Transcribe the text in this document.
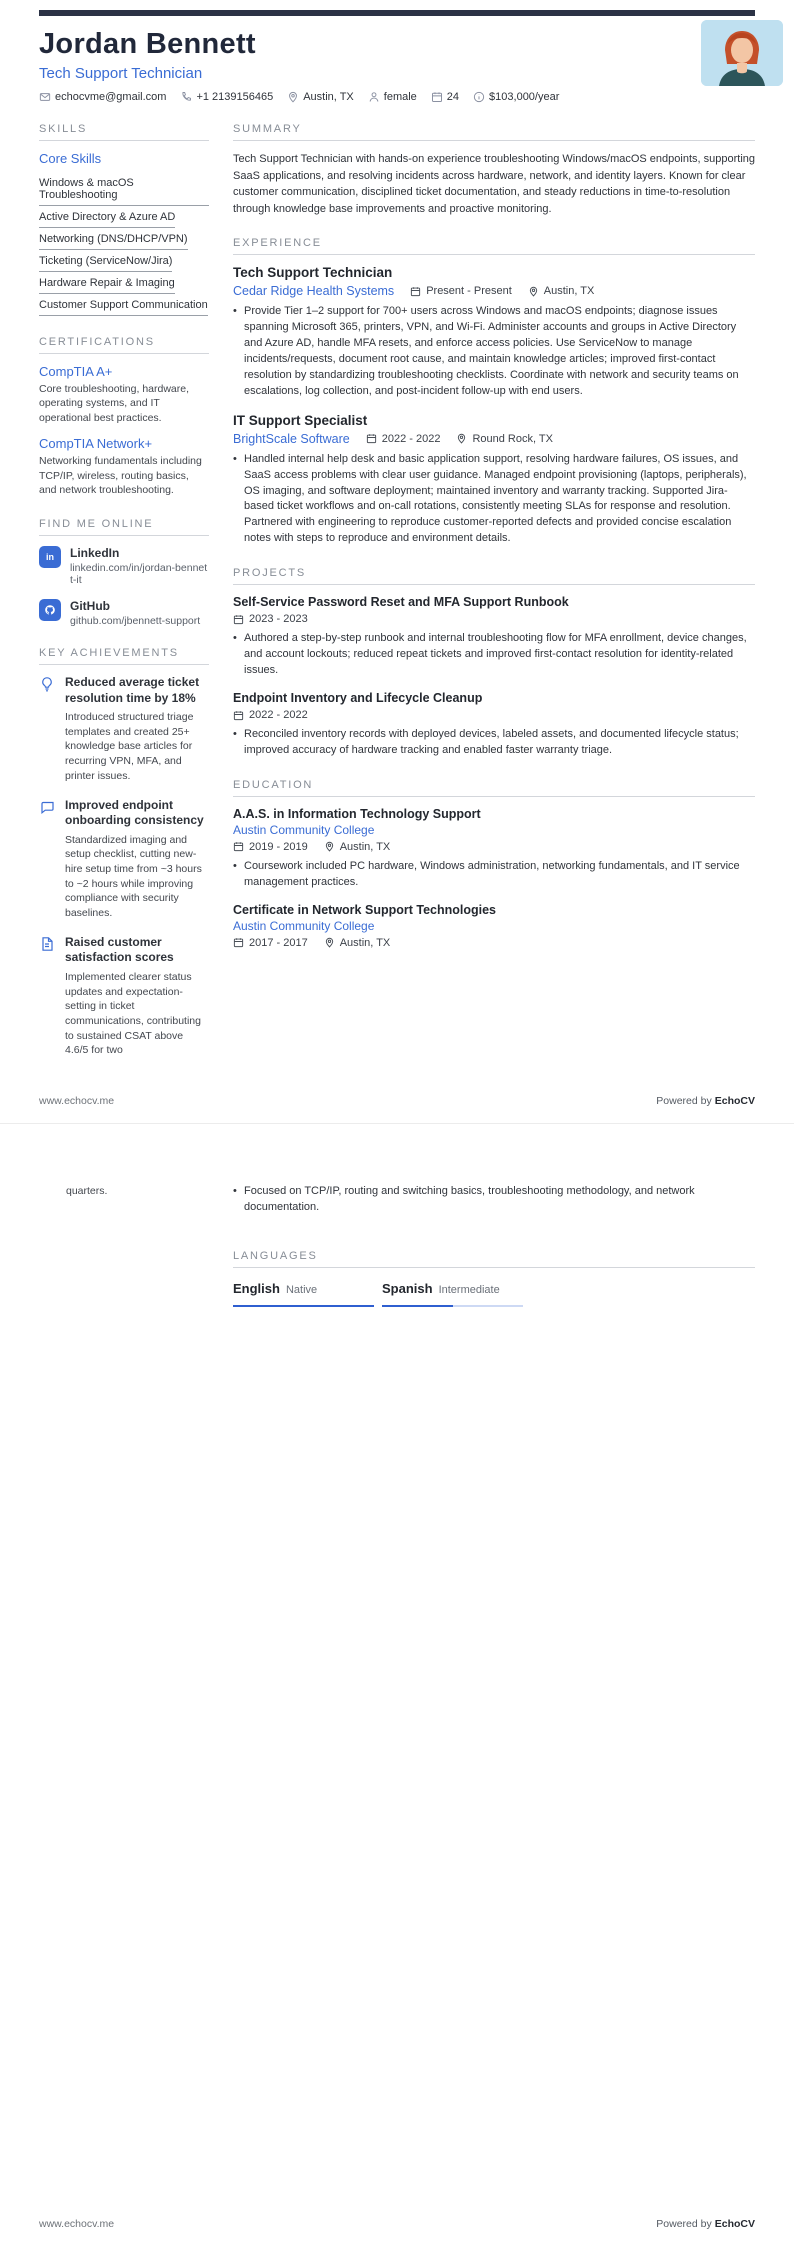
Jordan Bennett
Tech Support Technician
echocvme@gmail.com	+1 2139156465	Austin, TX	female	24	$103,000/year
SKILLS
Core Skills
Windows & macOS Troubleshooting
Active Directory & Azure AD
Networking (DNS/DHCP/VPN)
Ticketing (ServiceNow/Jira)
Hardware Repair & Imaging
Customer Support Communication
CERTIFICATIONS
CompTIA A+
Core troubleshooting, hardware, operating systems, and IT operational best practices.
CompTIA Network+
Networking fundamentals including TCP/IP, wireless, routing basics, and network troubleshooting.
FIND ME ONLINE
in
LinkedIn
linkedin.com/in/jordan-bennett-it
GitHub
github.com/jbennett-support
KEY ACHIEVEMENTS
Reduced average ticket resolution time by 18%
Introduced structured triage templates and created 25+ knowledge base articles for recurring VPN, MFA, and printer issues.
Improved endpoint onboarding consistency
Standardized imaging and setup checklist, cutting new-hire setup time from ~3 hours to ~2 hours while improving compliance with security baselines.
Raised customer satisfaction scores
Implemented clearer status updates and expectation-setting in ticket communications, contributing to sustained CSAT above 4.6/5 for two
SUMMARY
Tech Support Technician with hands-on experience troubleshooting Windows/macOS endpoints, supporting SaaS applications, and resolving incidents across hardware, network, and identity layers. Known for clear customer communication, disciplined ticket documentation, and steady reductions in time-to-resolution through knowledge base improvements and proactive monitoring.
EXPERIENCE
Tech Support Technician
Cedar Ridge Health Systems	Present - Present	Austin, TX
•
Provide Tier 1–2 support for 700+ users across Windows and macOS endpoints; diagnose issues spanning Microsoft 365, printers, VPN, and Wi-Fi. Administer accounts and groups in Active Directory and Azure AD, handle MFA resets, and enforce access policies. Use ServiceNow to manage incidents/requests, document root cause, and maintain knowledge articles; improved first-contact resolution by standardizing troubleshooting checklists. Coordinate with network and security teams on escalations, log collection, and post-incident follow-up with end users.
IT Support Specialist
BrightScale Software	2022 - 2022	Round Rock, TX
•
Handled internal help desk and basic application support, resolving hardware failures, OS issues, and SaaS access problems with clear user guidance. Managed endpoint provisioning (laptops, peripherals), OS imaging, and software deployment; maintained inventory and warranty tracking. Supported Jira-based ticket workflows and on-call rotations, consistently meeting SLAs for response and resolution. Partnered with engineering to reproduce customer-reported defects and provided concise escalation notes with steps to reproduce and environment details.
PROJECTS
Self-Service Password Reset and MFA Support Runbook
2023 - 2023
•
Authored a step-by-step runbook and internal troubleshooting flow for MFA enrollment, device changes, and account lockouts; reduced repeat tickets and improved first-contact resolution for identity-related issues.
Endpoint Inventory and Lifecycle Cleanup
2022 - 2022
•
Reconciled inventory records with deployed devices, labeled assets, and documented lifecycle status; improved accuracy of hardware tracking and enabled faster warranty triage.
EDUCATION
A.A.S. in Information Technology Support
Austin Community College
2019 - 2019	Austin, TX
•
Coursework included PC hardware, Windows administration, networking fundamentals, and IT service management practices.
Certificate in Network Support Technologies
Austin Community College
2017 - 2017	Austin, TX
www.echocv.me	Powered by EchoCV
quarters. •	Focused on TCP/IP, routing and switching basics, troubleshooting methodology, and network documentation.
LANGUAGES
English Native	Spanish Intermediate
www.echocv.me	Powered by EchoCV
